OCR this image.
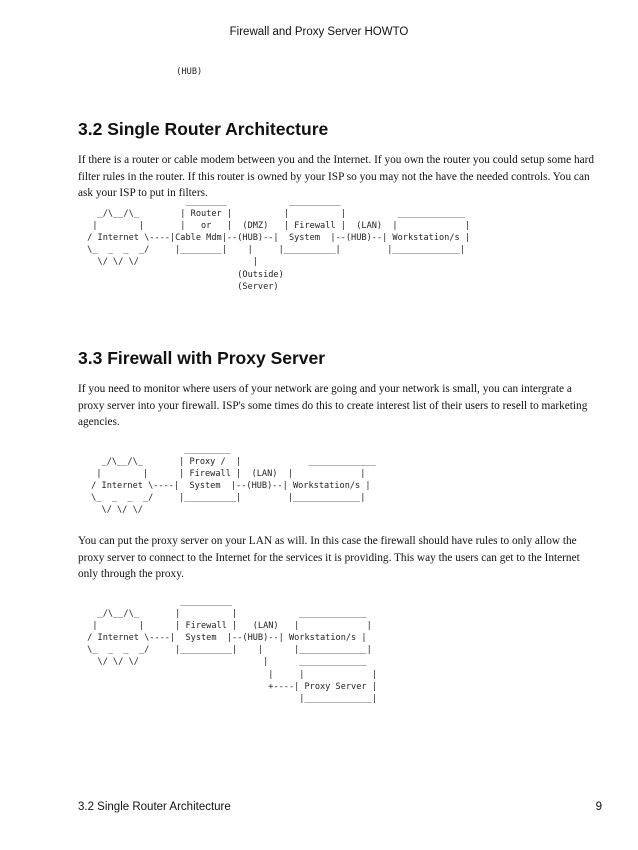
Firewall and Proxy Server HOWTO
(HUB)
3.2 Single Router Architecture

If there is a router or cable modem between you and the Internet. If you own the router you could setup some hard filter rules in the router. If this router is owned by your ISP so you may not the have the needed controls. You can ask your ISP to put in filters.

________            __________
_/\__/\_        | Router |          |          |          _____________
|        |       |   or   |  (DMZ)   | Firewall |  (LAN)  |             |
/ Internet \----|Cable Mdm|--(HUB)--|  System  |--(HUB)--| Workstation/s |
\_  _  _  _/     |________|    |     |__________|         |_____________|
\/ \/ \/                      |
(Outside)
(Server)
3.3 Firewall with Proxy Server

If you need to monitor where users of your network are going and your network is small, you can intergrate a proxy server into your firewall. ISP's some times do this to create interest list of their users to resell to marketing agencies.

_________
_/\__/\_       | Proxy /  |             _____________
|        |      | Firewall |  (LAN)  |             |
/ Internet \----|  System  |--(HUB)--| Workstation/s |
\_  _  _  _/     |__________|         |_____________|
\/ \/ \/

You can put the proxy server on your LAN as will. In this case the firewall should have rules to only allow the proxy server to connect to the Internet for the services it is providing. This way the users can get to the Internet only through the proxy.

__________
_/\__/\_       |          |            _____________
|        |      | Firewall |   (LAN)   |             |
/ Internet \----|  System  |--(HUB)--| Workstation/s |
\_  _  _  _/     |__________|    |      |_____________|
\/ \/ \/                        |      _____________
|     |             |
+----| Proxy Server |
|_____________|
3.2 Single Router Architecture	9
